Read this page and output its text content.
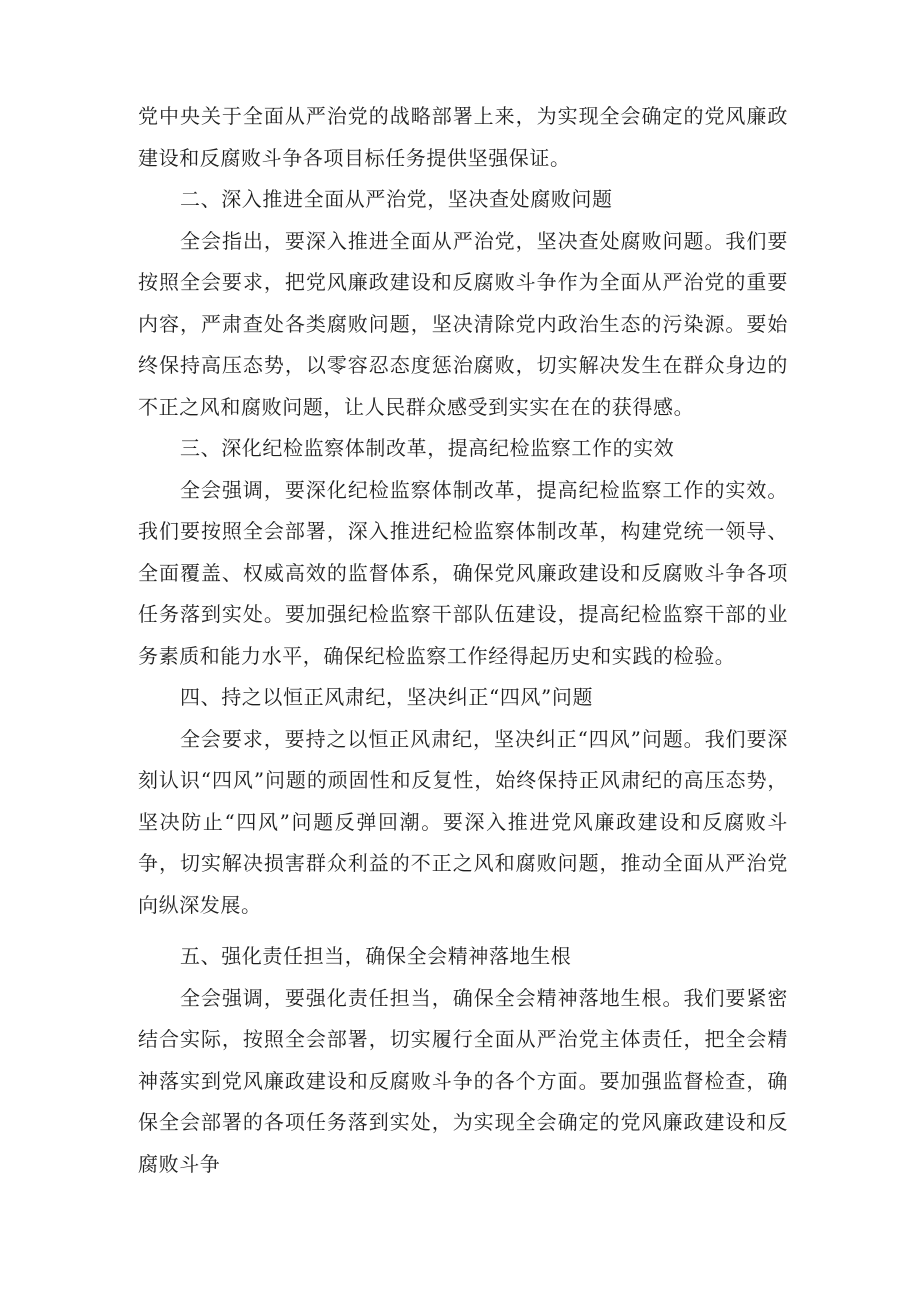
党中央关于全面从严治党的战略部署上来，为实现全会确定的党风廉政建设和反腐败斗争各项目标任务提供坚强保证。

二、深入推进全面从严治党，坚决查处腐败问题

全会指出，要深入推进全面从严治党，坚决查处腐败问题。我们要按照全会要求，把党风廉政建设和反腐败斗争作为全面从严治党的重要内容，严肃查处各类腐败问题，坚决清除党内政治生态的污染源。要始终保持高压态势，以零容忍态度惩治腐败，切实解决发生在群众身边的不正之风和腐败问题，让人民群众感受到实实在在的获得感。

三、深化纪检监察体制改革，提高纪检监察工作的实效

全会强调，要深化纪检监察体制改革，提高纪检监察工作的实效。我们要按照全会部署，深入推进纪检监察体制改革，构建党统一领导、全面覆盖、权威高效的监督体系，确保党风廉政建设和反腐败斗争各项任务落到实处。要加强纪检监察干部队伍建设，提高纪检监察干部的业务素质和能力水平，确保纪检监察工作经得起历史和实践的检验。

四、持之以恒正风肃纪，坚决纠正“四风”问题

全会要求，要持之以恒正风肃纪，坚决纠正“四风”问题。我们要深刻认识“四风”问题的顽固性和反复性，始终保持正风肃纪的高压态势，坚决防止“四风”问题反弹回潮。要深入推进党风廉政建设和反腐败斗争，切实解决损害群众利益的不正之风和腐败问题，推动全面从严治党向纵深发展。

五、强化责任担当，确保全会精神落地生根

全会强调，要强化责任担当，确保全会精神落地生根。我们要紧密结合实际，按照全会部署，切实履行全面从严治党主体责任，把全会精神落实到党风廉政建设和反腐败斗争的各个方面。要加强监督检查，确保全会部署的各项任务落到实处，为实现全会确定的党风廉政建设和反腐败斗争
